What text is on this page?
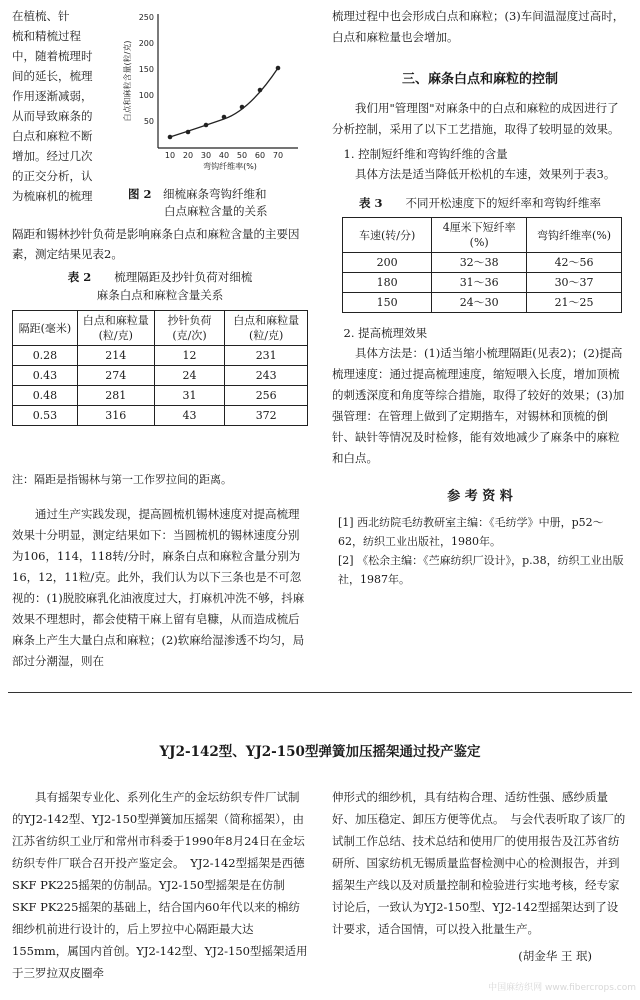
在植梳、针

梳和精梳过程

中，随着梳理时

间的延长，梳理

作用逐渐减弱，

从而导致麻条的

白点和麻粒不断

增加。经过几次

的正交分析，认

为梳麻机的梳理

250
200
150
100
50
10 20 30 40 50 60 70
白点和麻粒含量(粒/克)
弯钩纤维率(%)

图 2　 细梳麻条弯钩纤维和

白点麻粒含量的关系

隔距和锡林抄针负荷是影响麻条白点和麻粒含量的主要因素，测定结果见表2。

表 2　　 梳理隔距及抄针负荷对细梳

麻条白点和麻粒含量关系

隔距(毫米)	白点和麻粒量(粒/克)	抄针负荷(克/次)	白点和麻粒量(粒/克)
0.28	214	12	231
0.43	274	24	243
0.48	281	31	256
0.53	316	43	372

注：隔距是指锡林与第一工作罗拉间的距离。

通过生产实践发现，提高圆梳机锡林速度对提高梳理效果十分明显，测定结果如下：当圆梳机的锡林速度分别为106，114，118转/分时，麻条白点和麻粒含量分别为16，12，11粒/克。此外，我们认为以下三条也是不可忽视的：(1)脱胶麻乳化油液度过大，打麻机冲洗不够，抖麻效果不理想时，都会使精干麻上留有皂糠，从而造成梳后麻条上产生大量白点和麻粒；(2)软麻给湿渗透不均匀，局部过分潮湿，则在

梳理过程中也会形成白点和麻粒；(3)车间温湿度过高时，白点和麻粒量也会增加。

三、麻条白点和麻粒的控制

我们用"管理图"对麻条中的白点和麻粒的成因进行了分析控制，采用了以下工艺措施，取得了较明显的效果。

1. 控制短纤维和弯钩纤维的含量

具体方法是适当降低开松机的车速，效果列于表3。

表 3　　 不同开松速度下的短纤率和弯钩纤维率

车速(转/分)	4厘米下短纤率(%)	弯钩纤维率(%)
200	32～38	42～56
180	31～36	30～37
150	24～30	21～25

2. 提高梳理效果

具体方法是：(1)适当缩小梳理隔距(见表2)；(2)提高梳理速度：通过提高梳理速度，缩短喂入长度，增加顶梳的刺透深度和角度等综合措施，取得了较好的效果；(3)加强管理：在管理上做到了定期揩车，对锡林和顶梳的倒针、缺针等情况及时检修，能有效地减少了麻条中的麻粒和白点。

参 考 资 料

[1] 西北纺院毛纺教研室主编：《毛纺学》中册，p52～62，纺织工业出版社，1980年。

[2] 《松余主编：《苎麻纺织厂设计》，p.38，纺织工业出版社，1987年。

YJ2-142型、YJ2-150型弹簧加压摇架通过投产鉴定

具有摇架专业化、系列化生产的金坛纺织专件厂试制的YJ2-142型、YJ2-150型弹簧加压摇架（简称摇架），由江苏省纺织工业厅和常州市科委于1990年8月24日在金坛纺织专件厂联合召开投产鉴定会。　YJ2-142型摇架是西德SKF PK225摇架的仿制品。YJ2-150型摇架是在仿制SKF PK225摇架的基础上，结合国内60年代以来的棉纺细纱机前进行设计的，后上罗拉中心隔距最大达155mm，属国内首创。YJ2-142型、YJ2-150型摇架适用于三罗拉双皮圈牵

伸形式的细纱机，具有结构合理、适纺性强、感纱质量好、加压稳定、卸压方便等优点。　与会代表听取了该厂的试制工作总结、技术总结和使用厂的使用报告及江苏省纺研所、国家纺机无锡质量监督检测中心的检测报告，并到摇架生产线以及对质量控制和检验进行实地考核，经专家讨论后，一致认为YJ2-150型、YJ2-142型摇架达到了设计要求，适合国情，可以投入批量生产。

(胡金华 王 珉)

中国麻纺织网 www.fibercrops.com
